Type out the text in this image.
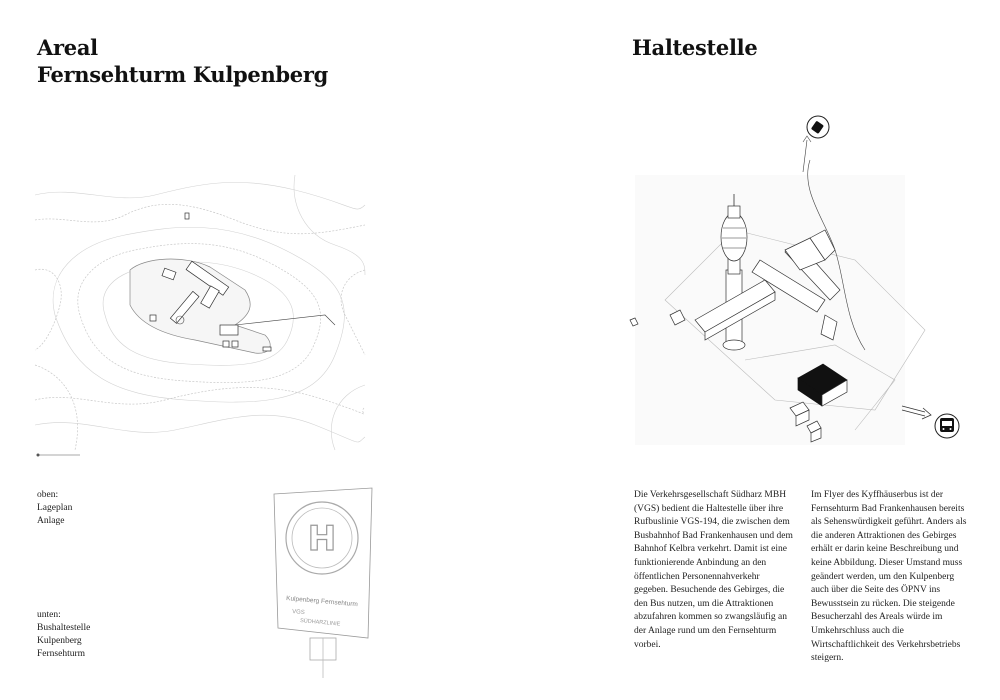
Areal
Fernsehturm Kulpenberg
oben:
Lageplan
Anlage
unten:
Bushaltestelle
Kulpenberg
Fernsehturm
H
Kulpenberg Fernsehturm
VGS
SÜDHARZLINIE
Haltestelle

Die Verkehrsgesellschaft Südharz MBH (VGS) bedient die Haltestelle über ihre Rufbuslinie VGS-194, die zwischen dem Busbahnhof Bad Frankenhausen und dem Bahnhof Kelbra verkehrt. Damit ist eine funktionierende Anbindung an den öffentlichen Personennahverkehr gegeben. Besuchende des Gebirges, die den Bus nutzen, um die Attraktionen abzufahren kommen so zwangsläufig an der Anlage rund um den Fernsehturm vorbei.

Im Flyer des Kyffhäuserbus ist der Fernsehturm Bad Frankenhausen bereits als Sehenswürdigkeit geführt. Anders als die anderen Attraktionen des Gebirges erhält er darin keine Beschreibung und keine Abbildung. Dieser Umstand muss geändert werden, um den Kulpenberg auch über die Seite des ÖPNV ins Bewusstsein zu rücken. Die steigende Besucherzahl des Areals würde im Umkehrschluss auch die Wirtschaftlichkeit des Verkehrsbetriebs steigern.
